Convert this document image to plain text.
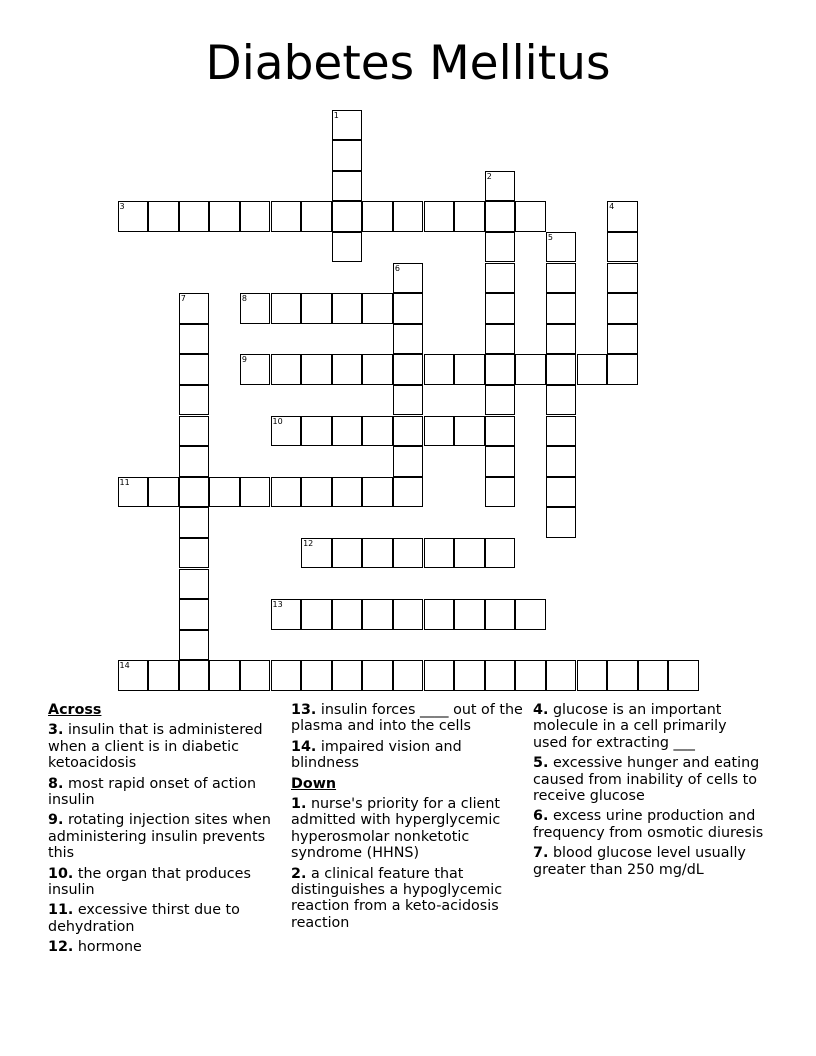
Diabetes Mellitus
1
2
3	4
5
6
7	8
9
10
11
12
13
14
Across
3. insulin that is administered when a client is in diabetic ketoacidosis
8. most rapid onset of action insulin
9. rotating injection sites when administering insulin prevents this
10. the organ that produces insulin
11. excessive thirst due to dehydration
12. hormone
13. insulin forces ____ out of the plasma and into the cells
14. impaired vision and blindness
Down
1. nurse's priority for a client admitted with hyperglycemic hyperosmolar nonketotic syndrome (HHNS)
2. a clinical feature that distinguishes a hypoglycemic reaction from a keto-acidosis reaction
4. glucose is an important molecule in a cell primarily used for extracting ___
5. excessive hunger and eating caused from inability of cells to receive glucose
6. excess urine production and frequency from osmotic diuresis
7. blood glucose level usually greater than 250 mg/dL
